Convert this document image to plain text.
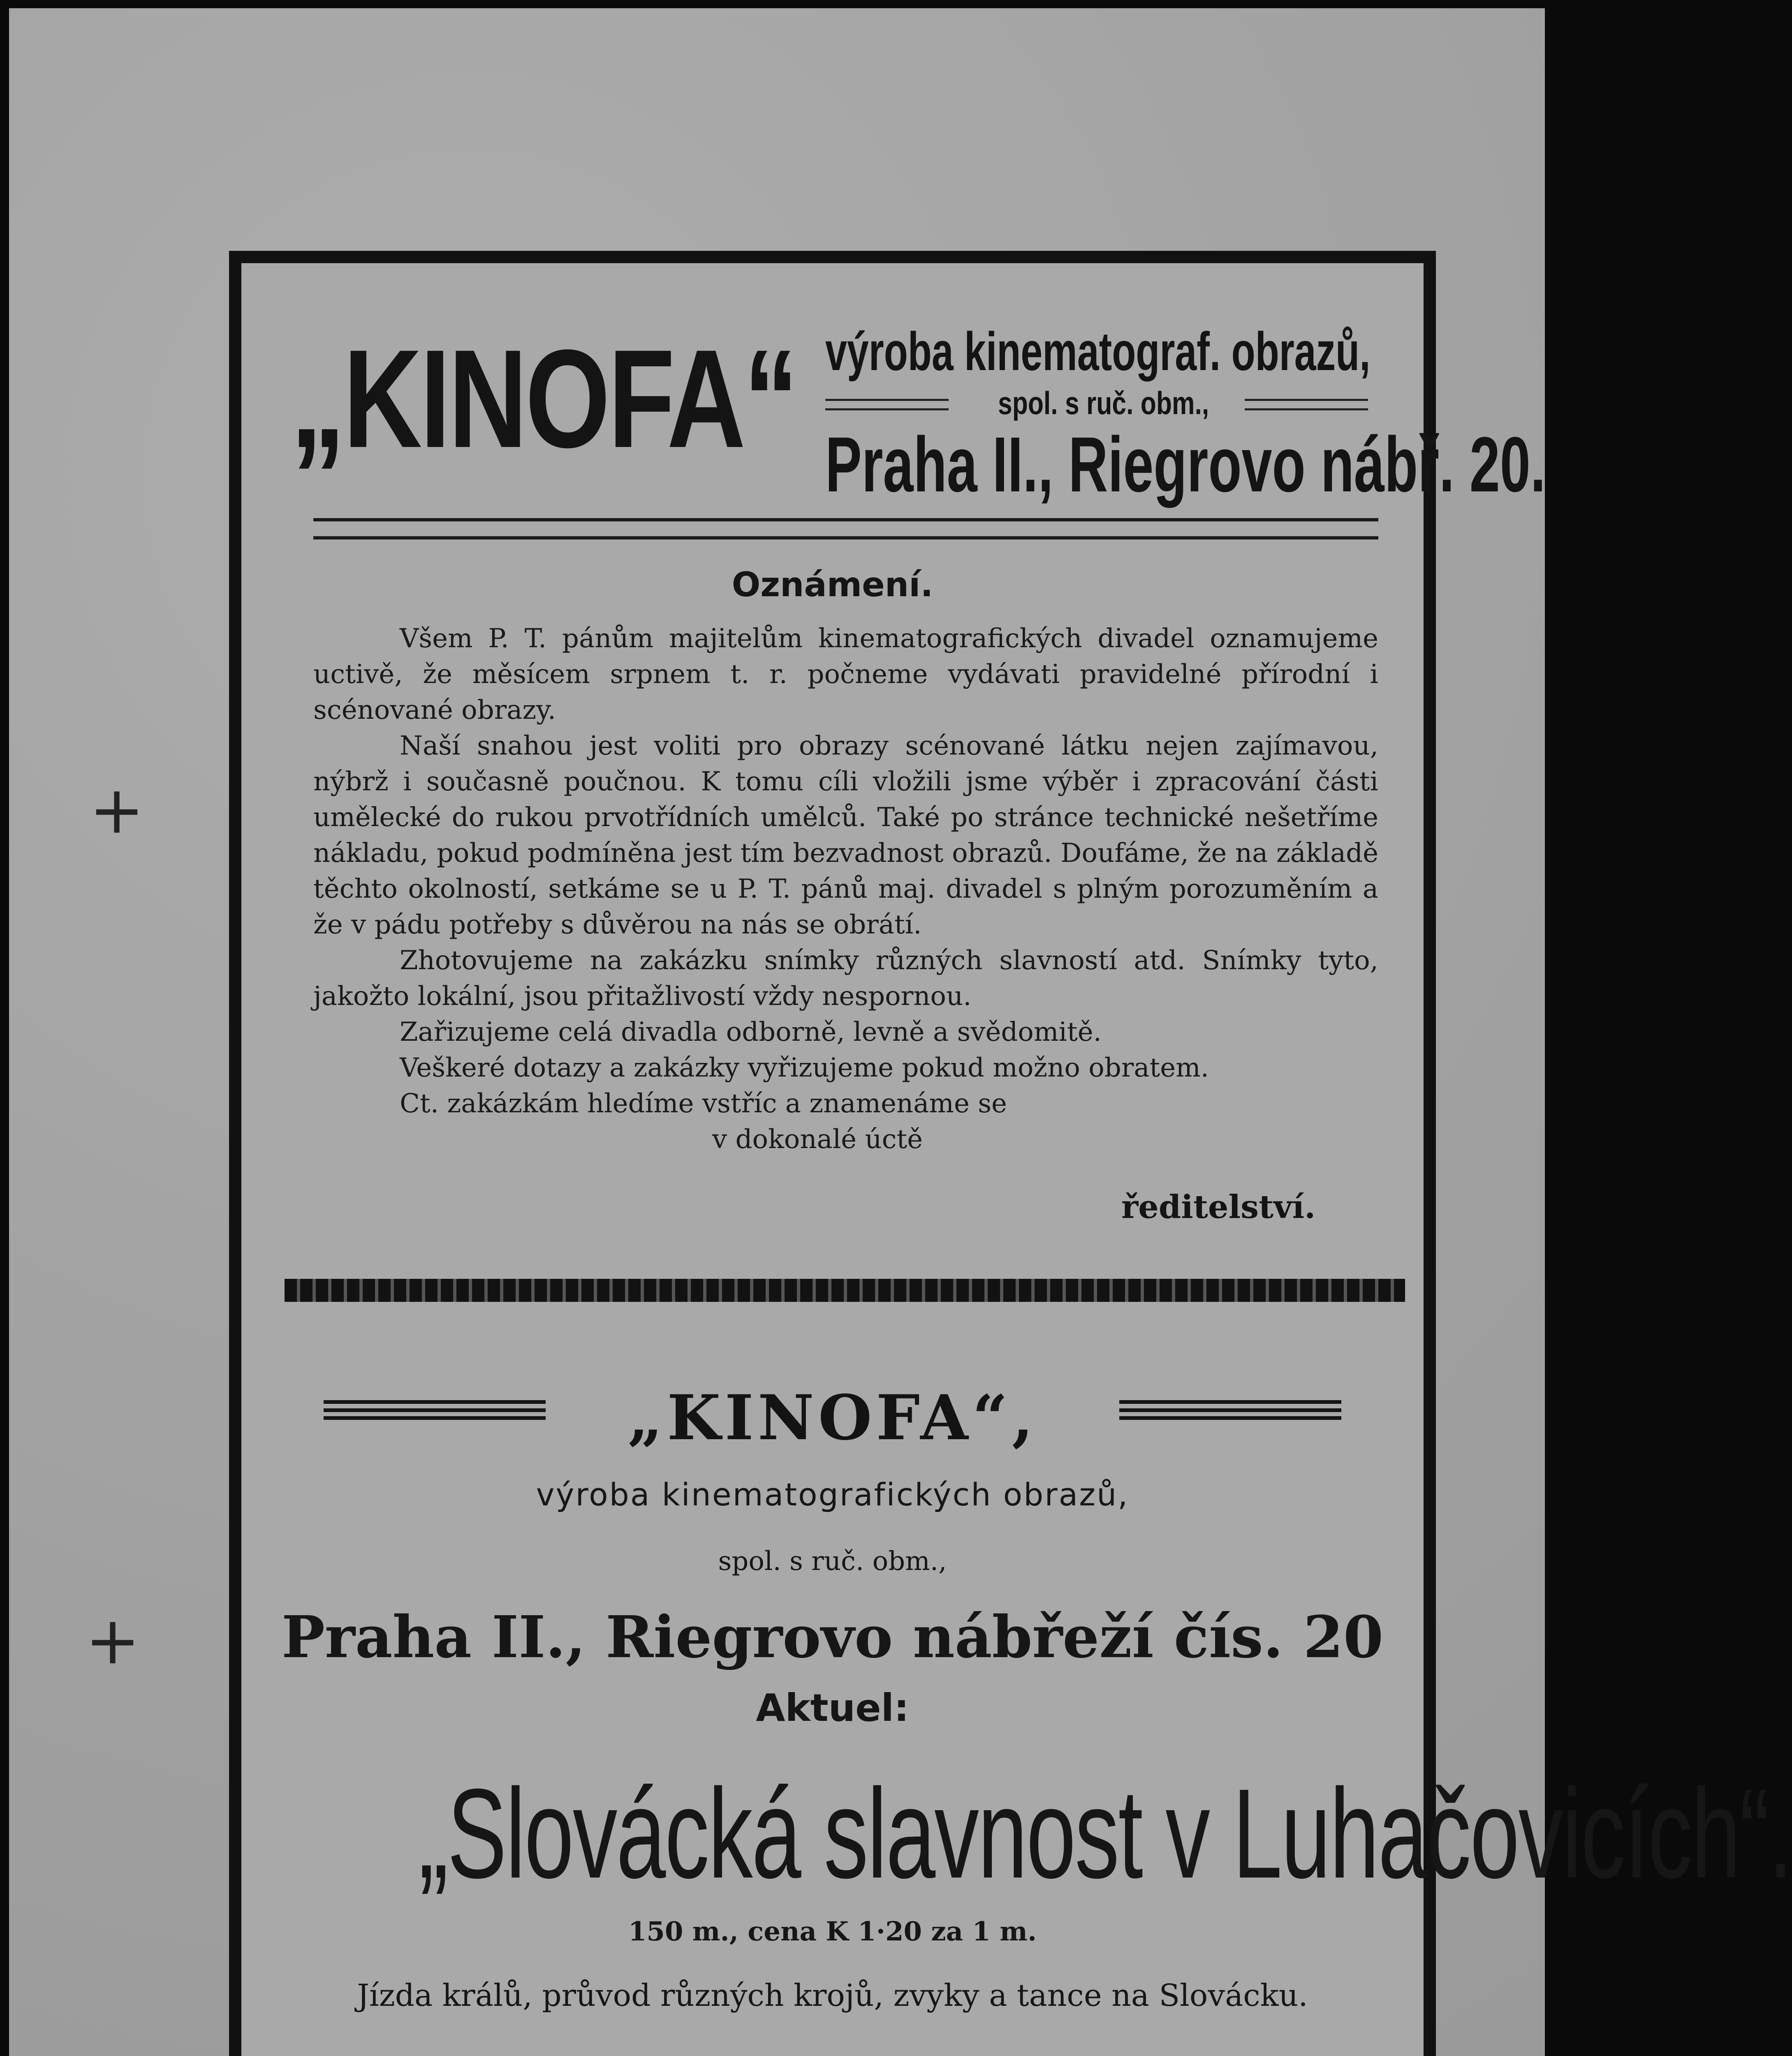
+
+
„KINOFA“ výroba kinematograf. obrazů,
spol. s ruč. obm.,
Praha II., Riegrovo nábř. 20.
Oznámení.

Všem P. T. pánům majitelům kinematografických divadel oznamujeme uctivě, že měsícem srpnem t. r. počneme vydávati pravidelné přírodní i scénované obrazy.

Naší snahou jest voliti pro obrazy scénované látku nejen zajímavou, nýbrž i současně poučnou. K tomu cíli vložili jsme výběr i zpracování části umělecké do rukou prvotřídních umělců. Také po stránce technické nešetříme nákladu, pokud podmíněna jest tím bezvadnost obrazů. Doufáme, že na základě těchto okolností, setkáme se u P. T. pánů maj. divadel s plným porozuměním a že v pádu potřeby s důvěrou na nás se obrátí.

Zhotovujeme na zakázku snímky různých slavností atd. Snímky tyto, jakožto lokální, jsou přitažlivostí vždy nespornou.

Zařizujeme celá divadla odborně, levně a svědomitě.

Veškeré dotazy a zakázky vyřizujeme pokud možno obratem.

Ct. zakázkám hledíme vstříc a znamenáme se
v dokonalé úctě
ředitelství.
„KINOFA“,
výroba kinematografických obrazů,
spol. s ruč. obm.,
Praha II., Riegrovo nábřeží čís. 20
Aktuel:
„Slovácká slavnost v Luhačovicích“.
150 m., cena K 1·20 za 1 m.
Jízda králů, průvod různých krojů, zvyky a tance na Slovácku.
